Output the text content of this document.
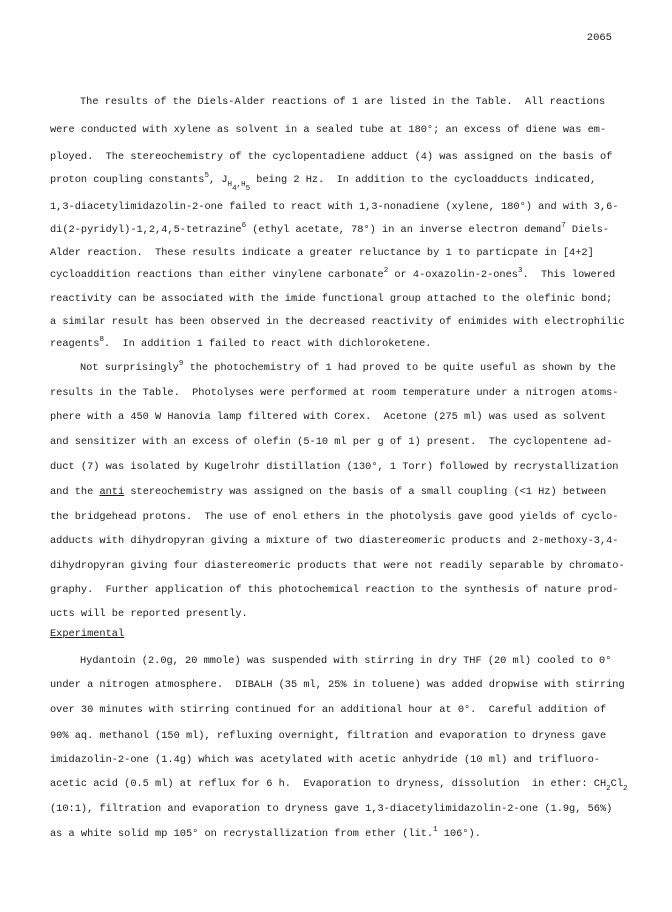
2065
The results of the Diels-Alder reactions of 1 are listed in the Table.  All reactions
were conducted with xylene as solvent in a sealed tube at 180°; an excess of diene was em-
ployed.  The stereochemistry of the cyclopentadiene adduct (4) was assigned on the basis of
proton coupling constants$^5$, $J_{H_4,H_5}$ being 2 Hz.  In addition to the cycloadducts indicated,
1,3-diacetylimidazolin-2-one failed to react with 1,3-nonadiene (xylene, 180°) and with 3,6-
di(2-pyridyl)-1,2,4,5-tetrazine$^6$ (ethyl acetate, 78°) in an inverse electron demand$^7$ Diels-
Alder reaction.  These results indicate a greater reluctance by 1 to particpate in [4+2]
cycloaddition reactions than either vinylene carbonate$^2$ or 4-oxazolin-2-ones$^3$.  This lowered
reactivity can be associated with the imide functional group attached to the olefinic bond;
a similar result has been observed in the decreased reactivity of enimides with electrophilic
reagents$^8$.  In addition 1 failed to react with dichloroketene.
Not surprisingly$^9$ the photochemistry of 1 had proved to be quite useful as shown by the
results in the Table.  Photolyses were performed at room temperature under a nitrogen atoms-
phere with a 450 W Hanovia lamp filtered with Corex.  Acetone (275 ml) was used as solvent
and sensitizer with an excess of olefin (5-10 ml per g of 1) present.  The cyclopentene ad-
duct (7) was isolated by Kugelrohr distillation (130°, 1 Torr) followed by recrystallization
and the anti stereochemistry was assigned on the basis of a small coupling (<1 Hz) between
the bridgehead protons.  The use of enol ethers in the photolysis gave good yields of cyclo-
adducts with dihydropyran giving a mixture of two diastereomeric products and 2-methoxy-3,4-
dihydropyran giving four diastereomeric products that were not readily separable by chromato-
graphy.  Further application of this photochemical reaction to the synthesis of nature prod-
ucts will be reported presently.
Experimental
Hydantoin (2.0g, 20 mmole) was suspended with stirring in dry THF (20 ml) cooled to 0°
under a nitrogen atmosphere.  DIBALH (35 ml, 25% in toluene) was added dropwise with stirring
over 30 minutes with stirring continued for an additional hour at 0°.  Careful addition of
90% aq. methanol (150 ml), refluxing overnight, filtration and evaporation to dryness gave
imidazolin-2-one (1.4g) which was acetylated with acetic anhydride (10 ml) and trifluoro-
acetic acid (0.5 ml) at reflux for 6 h.  Evaporation to dryness, dissolution  in ether: $CH_2Cl_2$
(10:1), filtration and evaporation to dryness gave 1,3-diacetylimidazolin-2-one (1.9g, 56%)
as a white solid mp 105° on recrystallization from ether (lit.$^1$ 106°).
